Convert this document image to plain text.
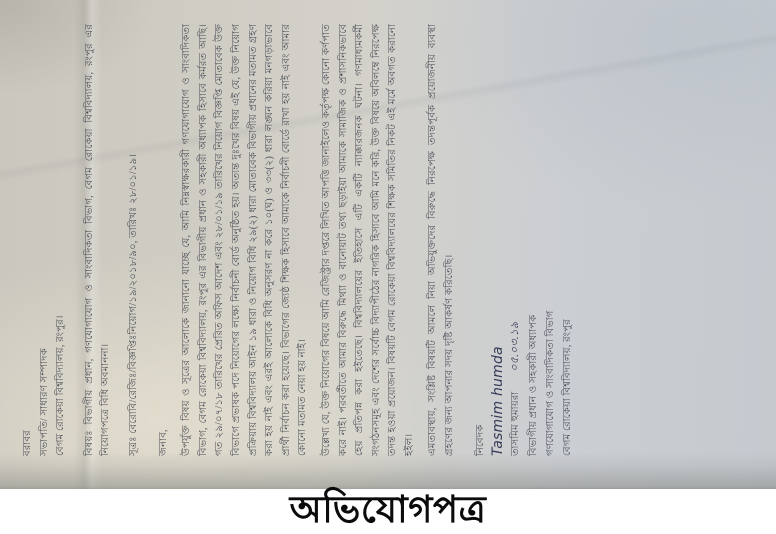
বরাবর সভাপতি/ সাধারণ সম্পাদক বেগম রোকেয়া বিশ্ববিদ্যালয়, রংপুর।	বিষয়ঃ বিভাগীয় প্রধান, গণযোগাযোগ ও সাংবাদিকতা বিভাগ, বেগম রোকেয়া বিশ্ববিদ্যালয়, রংপুর এর নিয়োগপত্রে বিধি অবমাননা।	সূত্রঃ বেরোবি/রেজিঃ/বিজ্ঞপ্তিঃনিয়োগ/১৯/২০১৮/৯০, তারিখঃ ২৮/০১/১৯।	জনাব,	উপর্যুক্ত বিষয় ও সূত্রের আলোকে জানানো যাচ্ছে যে, আমি নিম্নস্বাক্ষরকারী গণযোগাযোগ ও সাংবাদিকতা বিভাগ, বেগম রোকেয়া বিশ্ববিদ্যালয়, রংপুর এর বিভাগীয় প্রধান ও সহকারী অধ্যাপক হিসাবে কর্মরত আছি। গত ২৯/০৭/১৮ তারিখের প্রেরিত অফিস আদেশ এবং ২৮/০১/১৯ তারিখের নিয়োগ বিজ্ঞপ্তি মোতাবেক উক্ত বিভাগে প্রভাষক পদে নিয়োগের লক্ষ্যে নির্বাচনী বোর্ড অনুষ্ঠিত হয়। অত্যন্ত দুঃখের বিষয় এই যে, উক্ত নিয়োগ প্রক্রিয়ায় বিশ্ববিদ্যালয় আইন ১৯ ধারা ও নিয়োগ বিধি ২৯(২) ধারা মোতাবেক বিভাগীয় প্রধানের মতামত গ্রহণ করা হয় নাই এবং এরই আলোকে বিধি অনুসরণ না করে ১০(ঘ) ও ৩৩(২) ধারা লঙ্ঘন করিয়া মনগড়াভাবে প্রার্থী নির্বাচন করা হয়েছে। বিভাগের জ্যেষ্ঠ শিক্ষক হিসাবে আমাকে নির্বাচনী বোর্ডে রাখা হয় নাই এবং আমার কোনো মতামত নেয়া হয় নাই।	উল্লেখ্য যে, উক্ত নিয়োগের বিষয়ে আমি রেজিস্ট্রার দপ্তরে লিখিত আপত্তি জানাইলেও কর্তৃপক্ষ কোনো কর্ণপাত করে নাই। পরবর্তীতে আমার বিরুদ্ধে মিথ্যা ও বানোয়াট তথ্য ছড়াইয়া আমাকে সামাজিক ও প্রশাসনিকভাবে হেয় প্রতিপন্ন করা হইতেছে। বিশ্ববিদ্যালয়ের ইতিহাসে এটি একটি ন্যাক্কারজনক ঘটনা। গণমাধ্যমকর্মী সংগঠনসমূহ এবং দেশের সর্বোচ্চ বিদ্যাপীঠের নাগরিক হিসাবে আমি মনে করি, উক্ত বিষয়ে অবিলম্বে নিরপেক্ষ তদন্ত হওয়া প্রয়োজন। বিষয়টি বেগম রোকেয়া বিশ্ববিদ্যালয়ের শিক্ষক সমিতির নিকট এই মর্মে অবগত করানো হইল।	এমতাবস্থায়, সংশ্লিষ্ট বিষয়টি আমলে নিয়া অভিযুক্তদের বিরুদ্ধে নিরপেক্ষ তদন্তপূর্বক প্রয়োজনীয় ব্যবস্থা গ্রহণের জন্য আপনার সদয় দৃষ্টি আকর্ষণ করিতেছি।	নিবেদক Tasmim humda তাসমিম হুমায়রা
০৫.০৩.১৯ বিভাগীয় প্রধান ও সহকারী অধ্যাপক গণযোগাযোগ ও সাংবাদিকতা বিভাগ বেগম রোকেয়া বিশ্ববিদ্যালয়, রংপুর
অভিযোগপত্র
